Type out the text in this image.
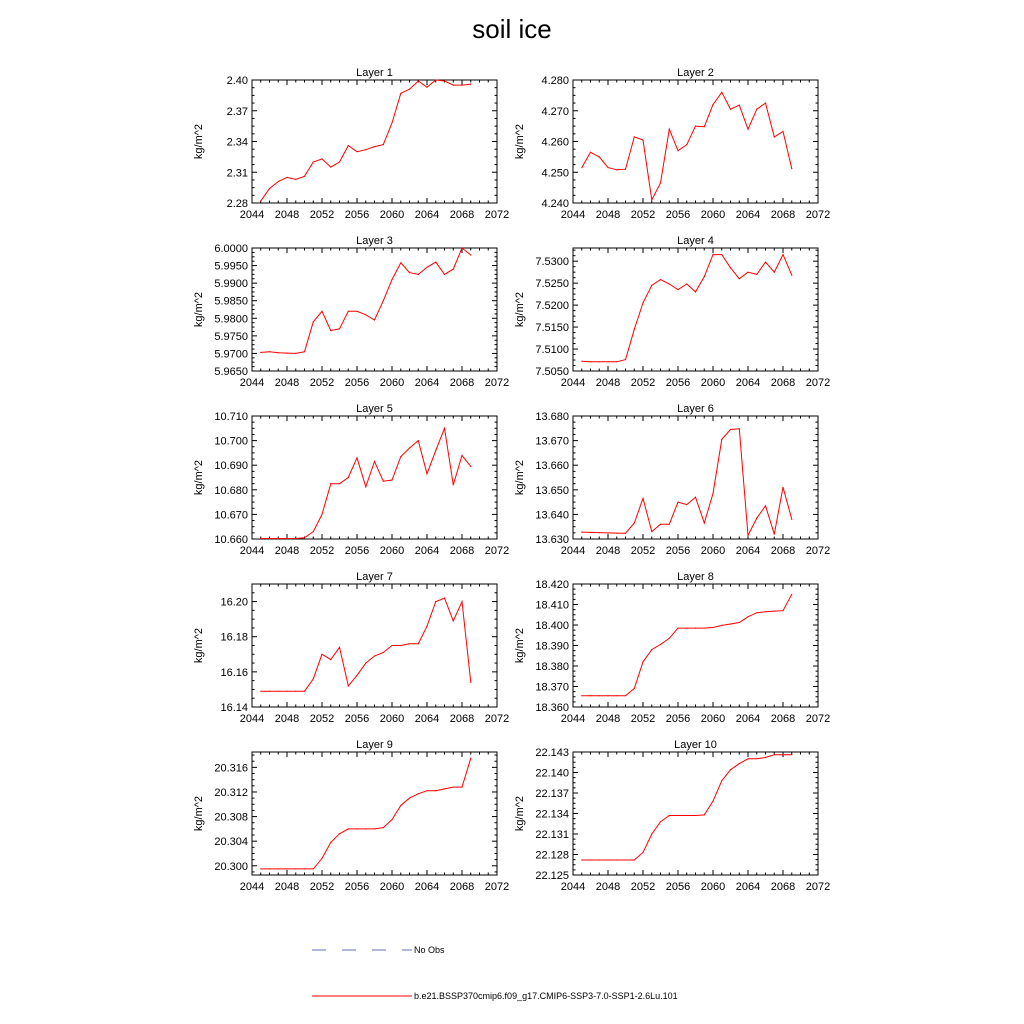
soil ice
Layer 1
kg/m^2
2044 2048 2052 2056 2060 2064 2068 2072
2.28
2.31
2.34
2.37
2.40
Layer 2
kg/m^2
2044 2048 2052 2056 2060 2064 2068 2072
4.240
4.250
4.260
4.270
4.280
Layer 3
kg/m^2
2044 2048 2052 2056 2060 2064 2068 2072
5.9650
5.9700
5.9750
5.9800
5.9850
5.9900
5.9950
6.0000
Layer 4
kg/m^2
2044 2048 2052 2056 2060 2064 2068 2072
7.5050
7.5100
7.5150
7.5200
7.5250
7.5300
Layer 5
kg/m^2
2044 2048 2052 2056 2060 2064 2068 2072
10.660
10.670
10.680
10.690
10.700
10.710
Layer 6
kg/m^2
2044 2048 2052 2056 2060 2064 2068 2072
13.630
13.640
13.650
13.660
13.670
13.680
Layer 7
kg/m^2
2044 2048 2052 2056 2060 2064 2068 2072
16.14
16.16
16.18
16.20
Layer 8
kg/m^2
2044 2048 2052 2056 2060 2064 2068 2072
18.360
18.370
18.380
18.390
18.400
18.410
18.420
Layer 9
kg/m^2
2044 2048 2052 2056 2060 2064 2068 2072
20.300
20.304
20.308
20.312
20.316
Layer 10
kg/m^2
2044 2048 2052 2056 2060 2064 2068 2072
22.125
22.128
22.131
22.134
22.137
22.140
22.143
No Obs
b.e21.BSSP370cmip6.f09_g17.CMIP6-SSP3-7.0-SSP1-2.6Lu.101
